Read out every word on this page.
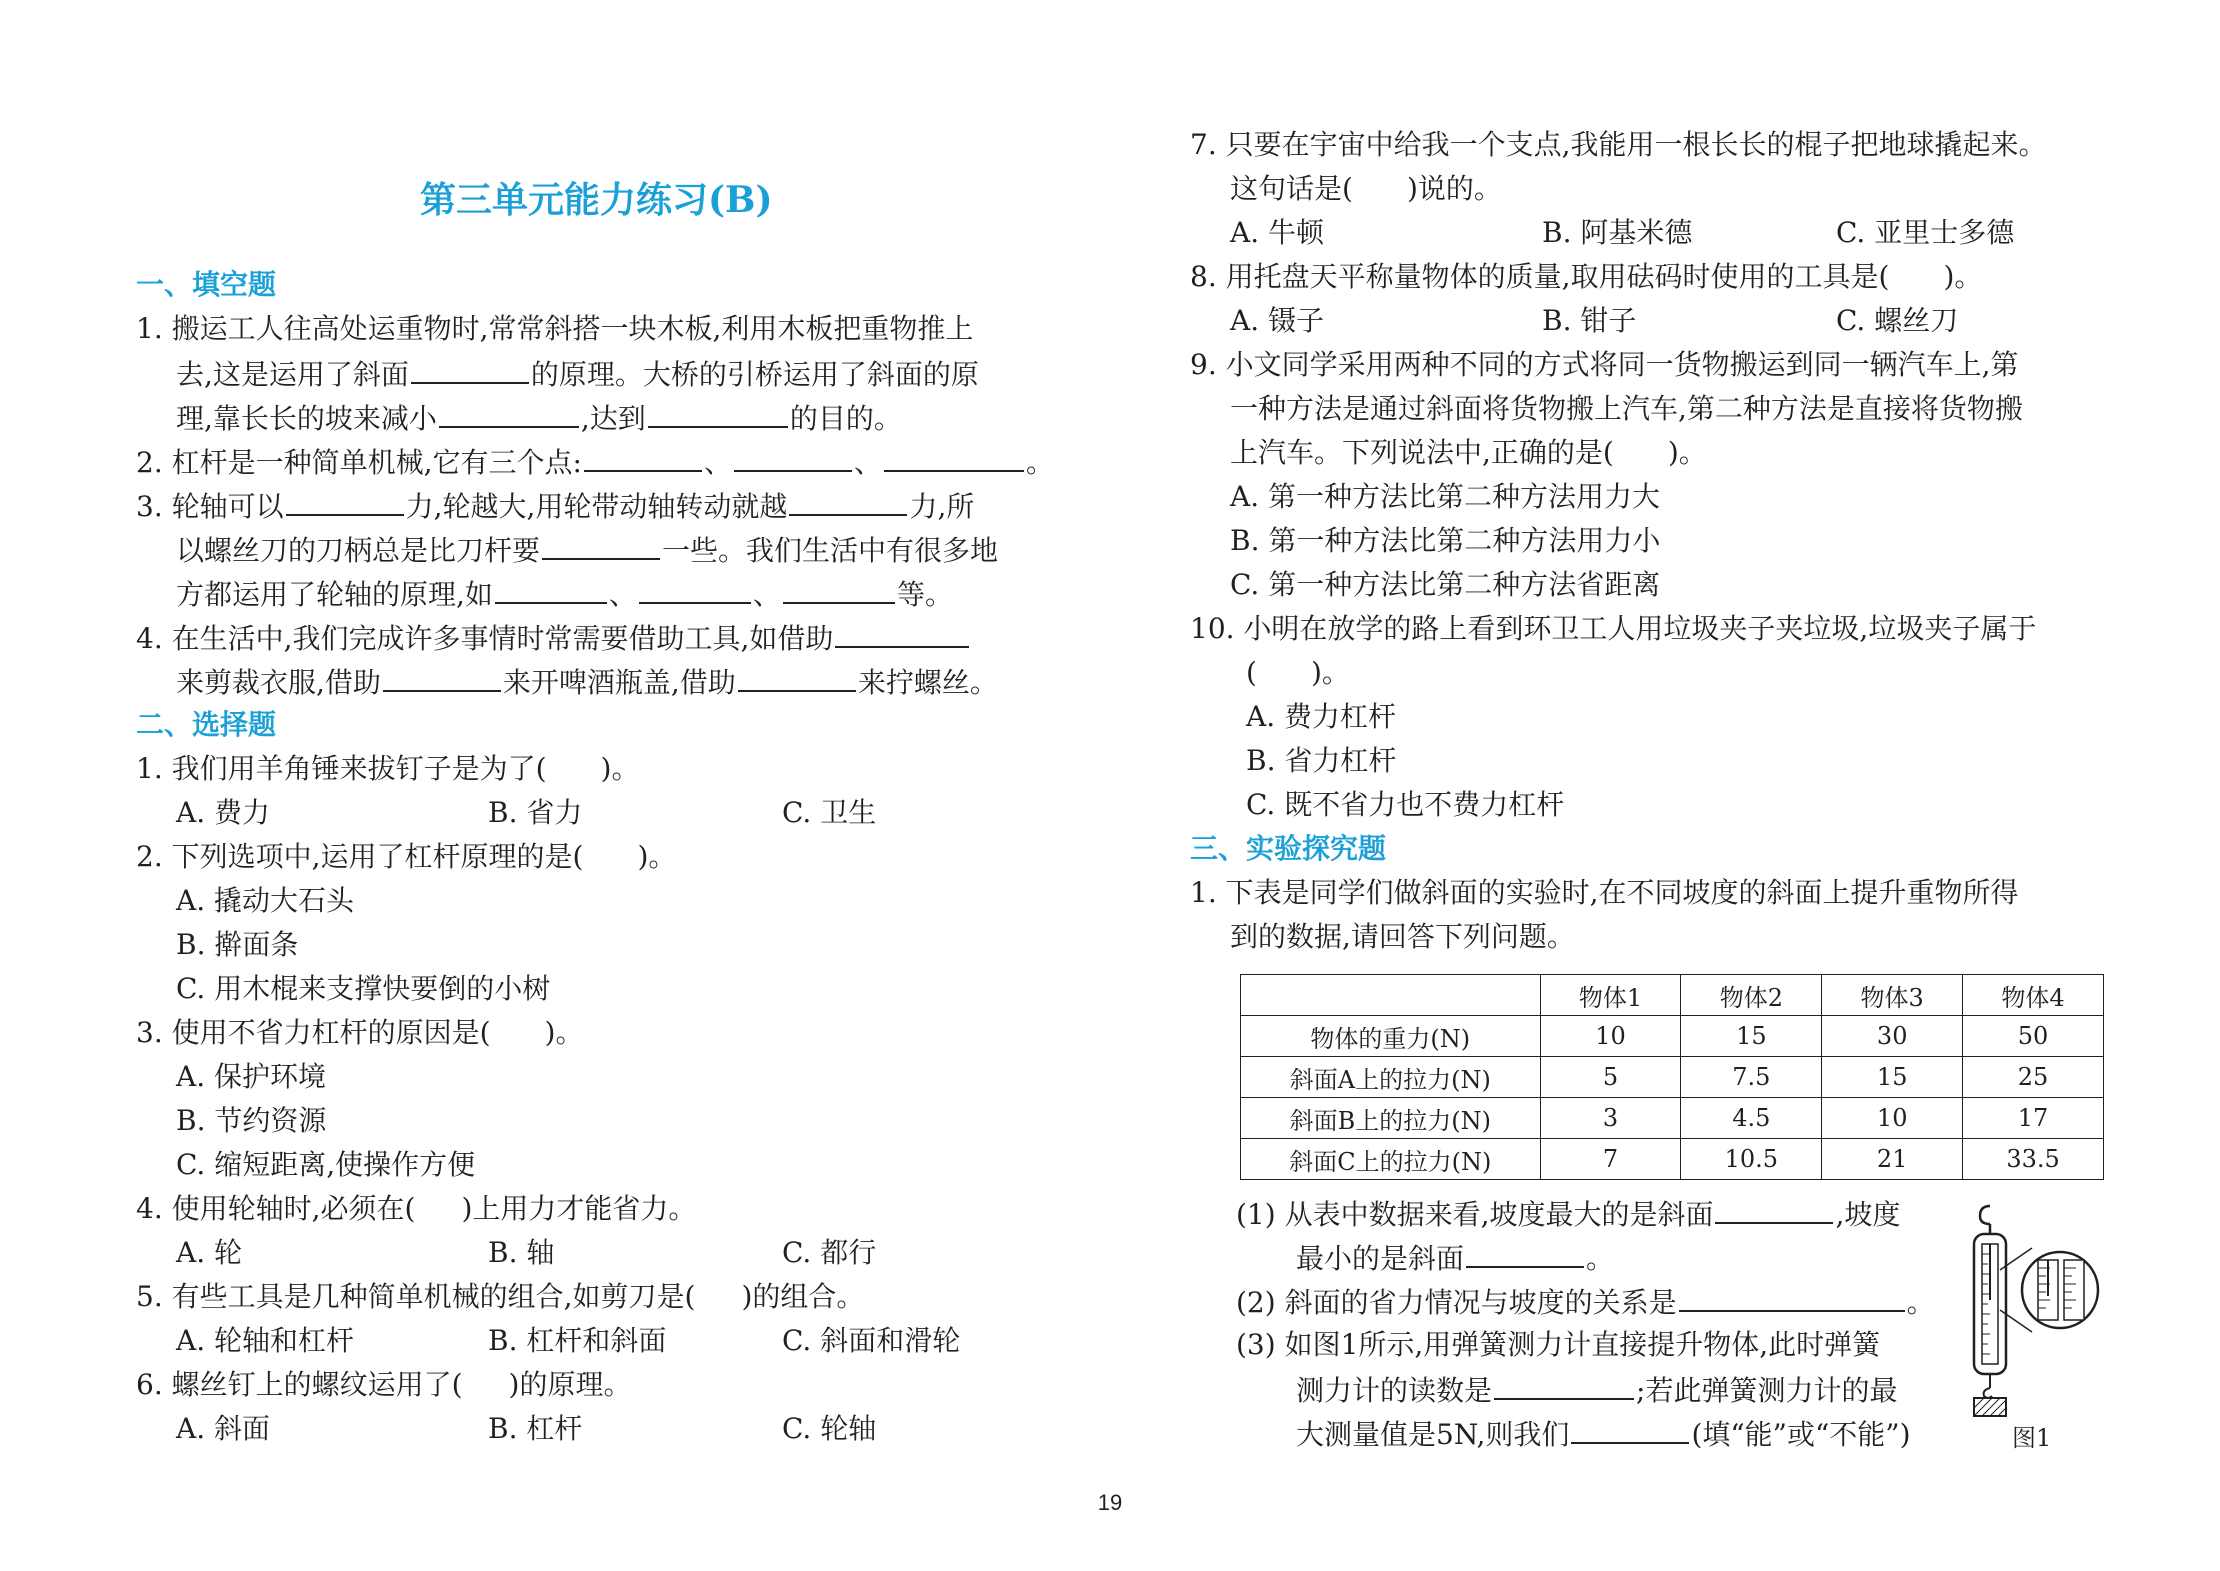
第三单元能力练习(B)
一、填空题
1. 搬运工人往高处运重物时,常常斜搭一块木板,利用木板把重物推上
去,这是运用了斜面	的原理。大桥的引桥运用了斜面的原
理,靠长长的坡来减小	,达到	的目的。
2. 杠杆是一种简单机械,它有三个点:	、	、	。
3. 轮轴可以	力,轮越大,用轮带动轴转动就越	力,所
以螺丝刀的刀柄总是比刀杆要	一些。我们生活中有很多地
方都运用了轮轴的原理,如	、	、	等。
4. 在生活中,我们完成许多事情时常需要借助工具,如借助
来剪裁衣服,借助	来开啤酒瓶盖,借助	来拧螺丝。
二、选择题
1. 我们用羊角锤来拔钉子是为了( )。
A. 费力	B. 省力	C. 卫生
2. 下列选项中,运用了杠杆原理的是( )。
A. 撬动大石头
B. 擀面条
C. 用木棍来支撑快要倒的小树
3. 使用不省力杠杆的原因是( )。
A. 保护环境
B. 节约资源
C. 缩短距离,使操作方便
4. 使用轮轴时,必须在( )上用力才能省力。
A. 轮	B. 轴	C. 都行
5. 有些工具是几种简单机械的组合,如剪刀是( )的组合。
A. 轮轴和杠杆	B. 杠杆和斜面	C. 斜面和滑轮
6. 螺丝钉上的螺纹运用了( )的原理。
A. 斜面	B. 杠杆	C. 轮轴
7. 只要在宇宙中给我一个支点,我能用一根长长的棍子把地球撬起来。
这句话是( )说的。
A. 牛顿	B. 阿基米德	C. 亚里士多德
8. 用托盘天平称量物体的质量,取用砝码时使用的工具是( )。
A. 镊子	B. 钳子	C. 螺丝刀
9. 小文同学采用两种不同的方式将同一货物搬运到同一辆汽车上,第
一种方法是通过斜面将货物搬上汽车,第二种方法是直接将货物搬
上汽车。下列说法中,正确的是( )。
A. 第一种方法比第二种方法用力大
B. 第一种方法比第二种方法用力小
C. 第一种方法比第二种方法省距离
10. 小明在放学的路上看到环卫工人用垃圾夹子夹垃圾,垃圾夹子属于
( )。
A. 费力杠杆
B. 省力杠杆
C. 既不省力也不费力杠杆
三、实验探究题
1. 下表是同学们做斜面的实验时,在不同坡度的斜面上提升重物所得
到的数据,请回答下列问题。
	物体1	物体2	物体3	物体4
物体的重力(N)	10	15	30	50
斜面A上的拉力(N)	5	7.5	15	25
斜面B上的拉力(N)	3	4.5	10	17
斜面C上的拉力(N)	7	10.5	21	33.5
(1) 从表中数据来看,坡度最大的是斜面	,坡度
最小的是斜面	。
(2) 斜面的省力情况与坡度的关系是	。
(3) 如图1所示,用弹簧测力计直接提升物体,此时弹簧
测力计的读数是	;若此弹簧测力计的最
大测量值是5N,则我们	(填“能”或“不能”)	图1
19
